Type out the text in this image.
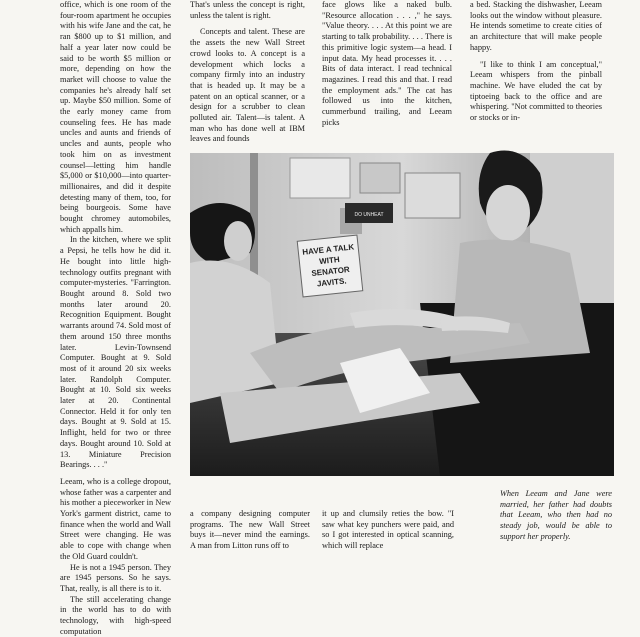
office, which is one room of the four-room apartment he occupies with his wife Jane and the cat, he ran $800 up to $1 million, and half a year later now could be said to be worth $5 million or more, depending on how the market will choose to value the companies he's already half set up. Maybe $50 million. Some of the early money came from counseling fees. He has made uncles and aunts and friends of uncles and aunts, people who took him on as investment counsel—letting him handle $5,000 or $10,000—into quarter-millionaires, and did it despite detesting many of them, too, for being bourgeois. Some have bought chromey automobiles, which appalls him.

In the kitchen, where we split a Pepsi, he tells how he did it. He bought into little high-technology outfits pregnant with computer-mysteries. "Farrington. Bought around 8. Sold two months later around 20. Recognition Equipment. Bought warrants around 74. Sold most of them around 150 three months later. Levin-Townsend Computer. Bought at 9. Sold most of it around 20 six weeks later. Randolph Computer. Bought at 10. Sold six weeks later at 20. Continental Connector. Held it for only ten days. Bought at 9. Sold at 15. Inflight, held for two or three days. Bought around 10. Sold at 13. Miniature Precision Bearings. . . ."

Leeam, who is a college dropout, whose father was a carpenter and his mother a pieceworker in New York's garment district, came to finance when the world and Wall Street were changing. He was able to cope with change when the Old Guard couldn't.

He is not a 1945 person. They are 1945 persons. So he says. That, really, is all there is to it.

The still accelerating change in the world has to do with technology, with high-speed computation

That's unless the concept is right, unless the talent is right.

Concepts and talent. These are the assets the new Wall Street crowd looks to. A concept is a development which locks a company firmly into an industry that is headed up. It may be a patent on an optical scanner, or a design for a scrubber to clean polluted air. Talent—is talent. A man who has done well at IBM leaves and founds

face glows like a naked bulb. "Resource allocation . . . ," he says. "Value theory. . . . At this point we are starting to talk probability. . . . There is this primitive logic system—a head. I input data. My head processes it. . . . Bits of data interact. I read technical magazines. I read this and that. I read the employment ads." The cat has followed us into the kitchen, cummerbund trailing, and Leeam picks

a bed. Stacking the dishwasher, Leeam looks out the window without pleasure. He intends sometime to create cities of an architecture that will make people happy.

"I like to think I am conceptual," Leeam whispers from the pinball machine. We have eluded the cat by tiptoeing back to the office and are whispering. "Not committed to theories or stocks or in-

DO UNHEAT
HAVE A TALK
WITH
SENATOR
JAVITS.

a company designing computer programs. The new Wall Street buys it—never mind the earnings. A man from Litton runs off to

it up and clumsily reties the bow. "I saw what key punchers were paid, and so I got interested in optical scanning, which will replace

When Leeam and Jane were married, her father had doubts that Leeam, who then had no steady job, would be able to support her properly.
